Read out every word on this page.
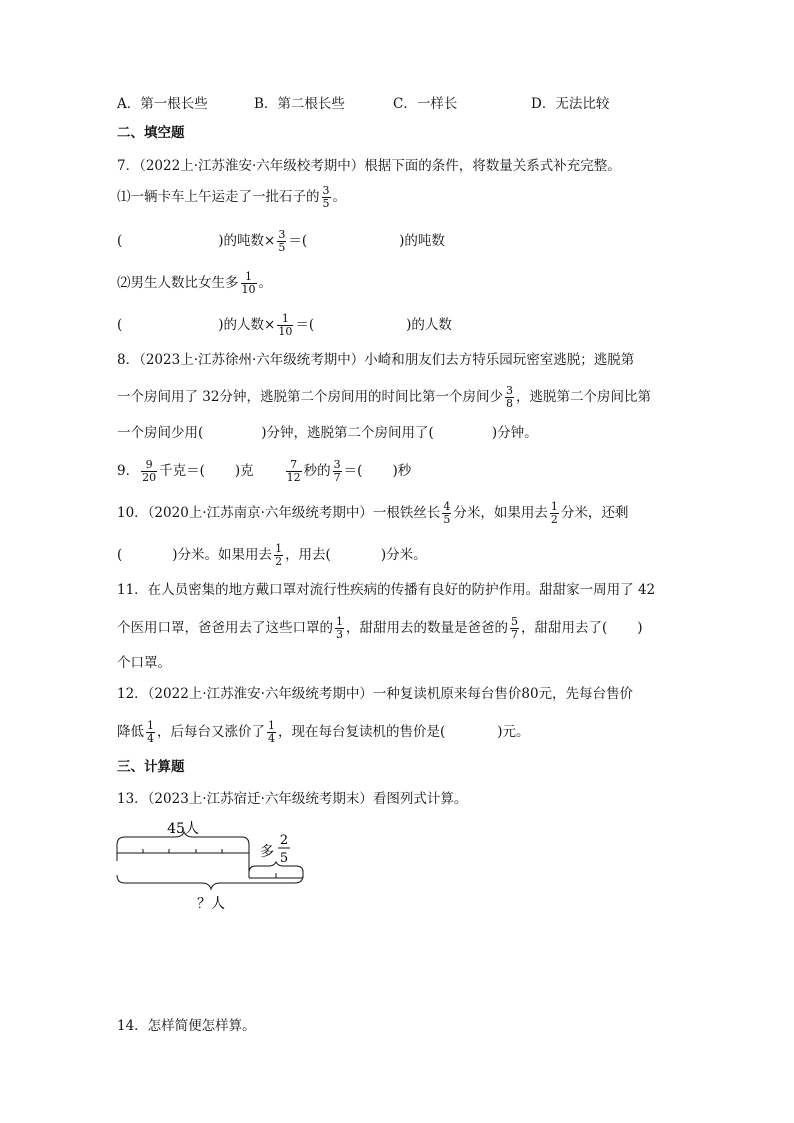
A．第一根长些	B．第二根长些	C．一样长	D．无法比较
二、填空题
7．（2022上·江苏淮安·六年级校考期中）根据下面的条件，将数量关系式补充完整。
⑴一辆卡车上午运走了一批石子的 $\frac{3}{5}$ 。
(	)的吨数× $\frac{3}{5}$ ＝(	)的吨数
⑵男生人数比女生多 $\frac{1}{10}$ 。
(	)的人数× $\frac{1}{10}$ ＝(	)的人数
8．（2023上·江苏徐州·六年级统考期中）小崎和朋友们去方特乐园玩密室逃脱；逃脱第
一个房间用了 32分钟，逃脱第二个房间用的时间比第一个房间少 $\frac{3}{8}$ ，逃脱第二个房间比第
一个房间少用(	)分钟，逃脱第二个房间用了(	)分钟。
9． $\frac{9}{20}$ 千克＝( )克	$\frac{7}{12}$ 秒的 $\frac{3}{7}$ ＝( )秒
10．（2020上·江苏南京·六年级统考期中）一根铁丝长 $\frac{4}{5}$ 分米，如果用去 $\frac{1}{2}$ 分米，还剩
(	)分米。如果用去 $\frac{1}{2}$ ，用去(	)分米。
11．在人员密集的地方戴口罩对流行性疾病的传播有良好的防护作用。甜甜家一周用了 42
个医用口罩，爸爸用去了这些口罩的 $\frac{1}{3}$ ，甜甜用去的数量是爸爸的 $\frac{5}{7}$ ，甜甜用去了( )
个口罩。
12．（2022上·江苏淮安·六年级统考期中）一种复读机原来每台售价80元，先每台售价
降低 $\frac{1}{4}$ ，后每台又涨价了 $\frac{1}{4}$ ，现在每台复读机的售价是(	)元。
三、计算题
13．（2023上·江苏宿迁·六年级统考期末）看图列式计算。
45人
多
2
5
？人
14．怎样简便怎样算。
